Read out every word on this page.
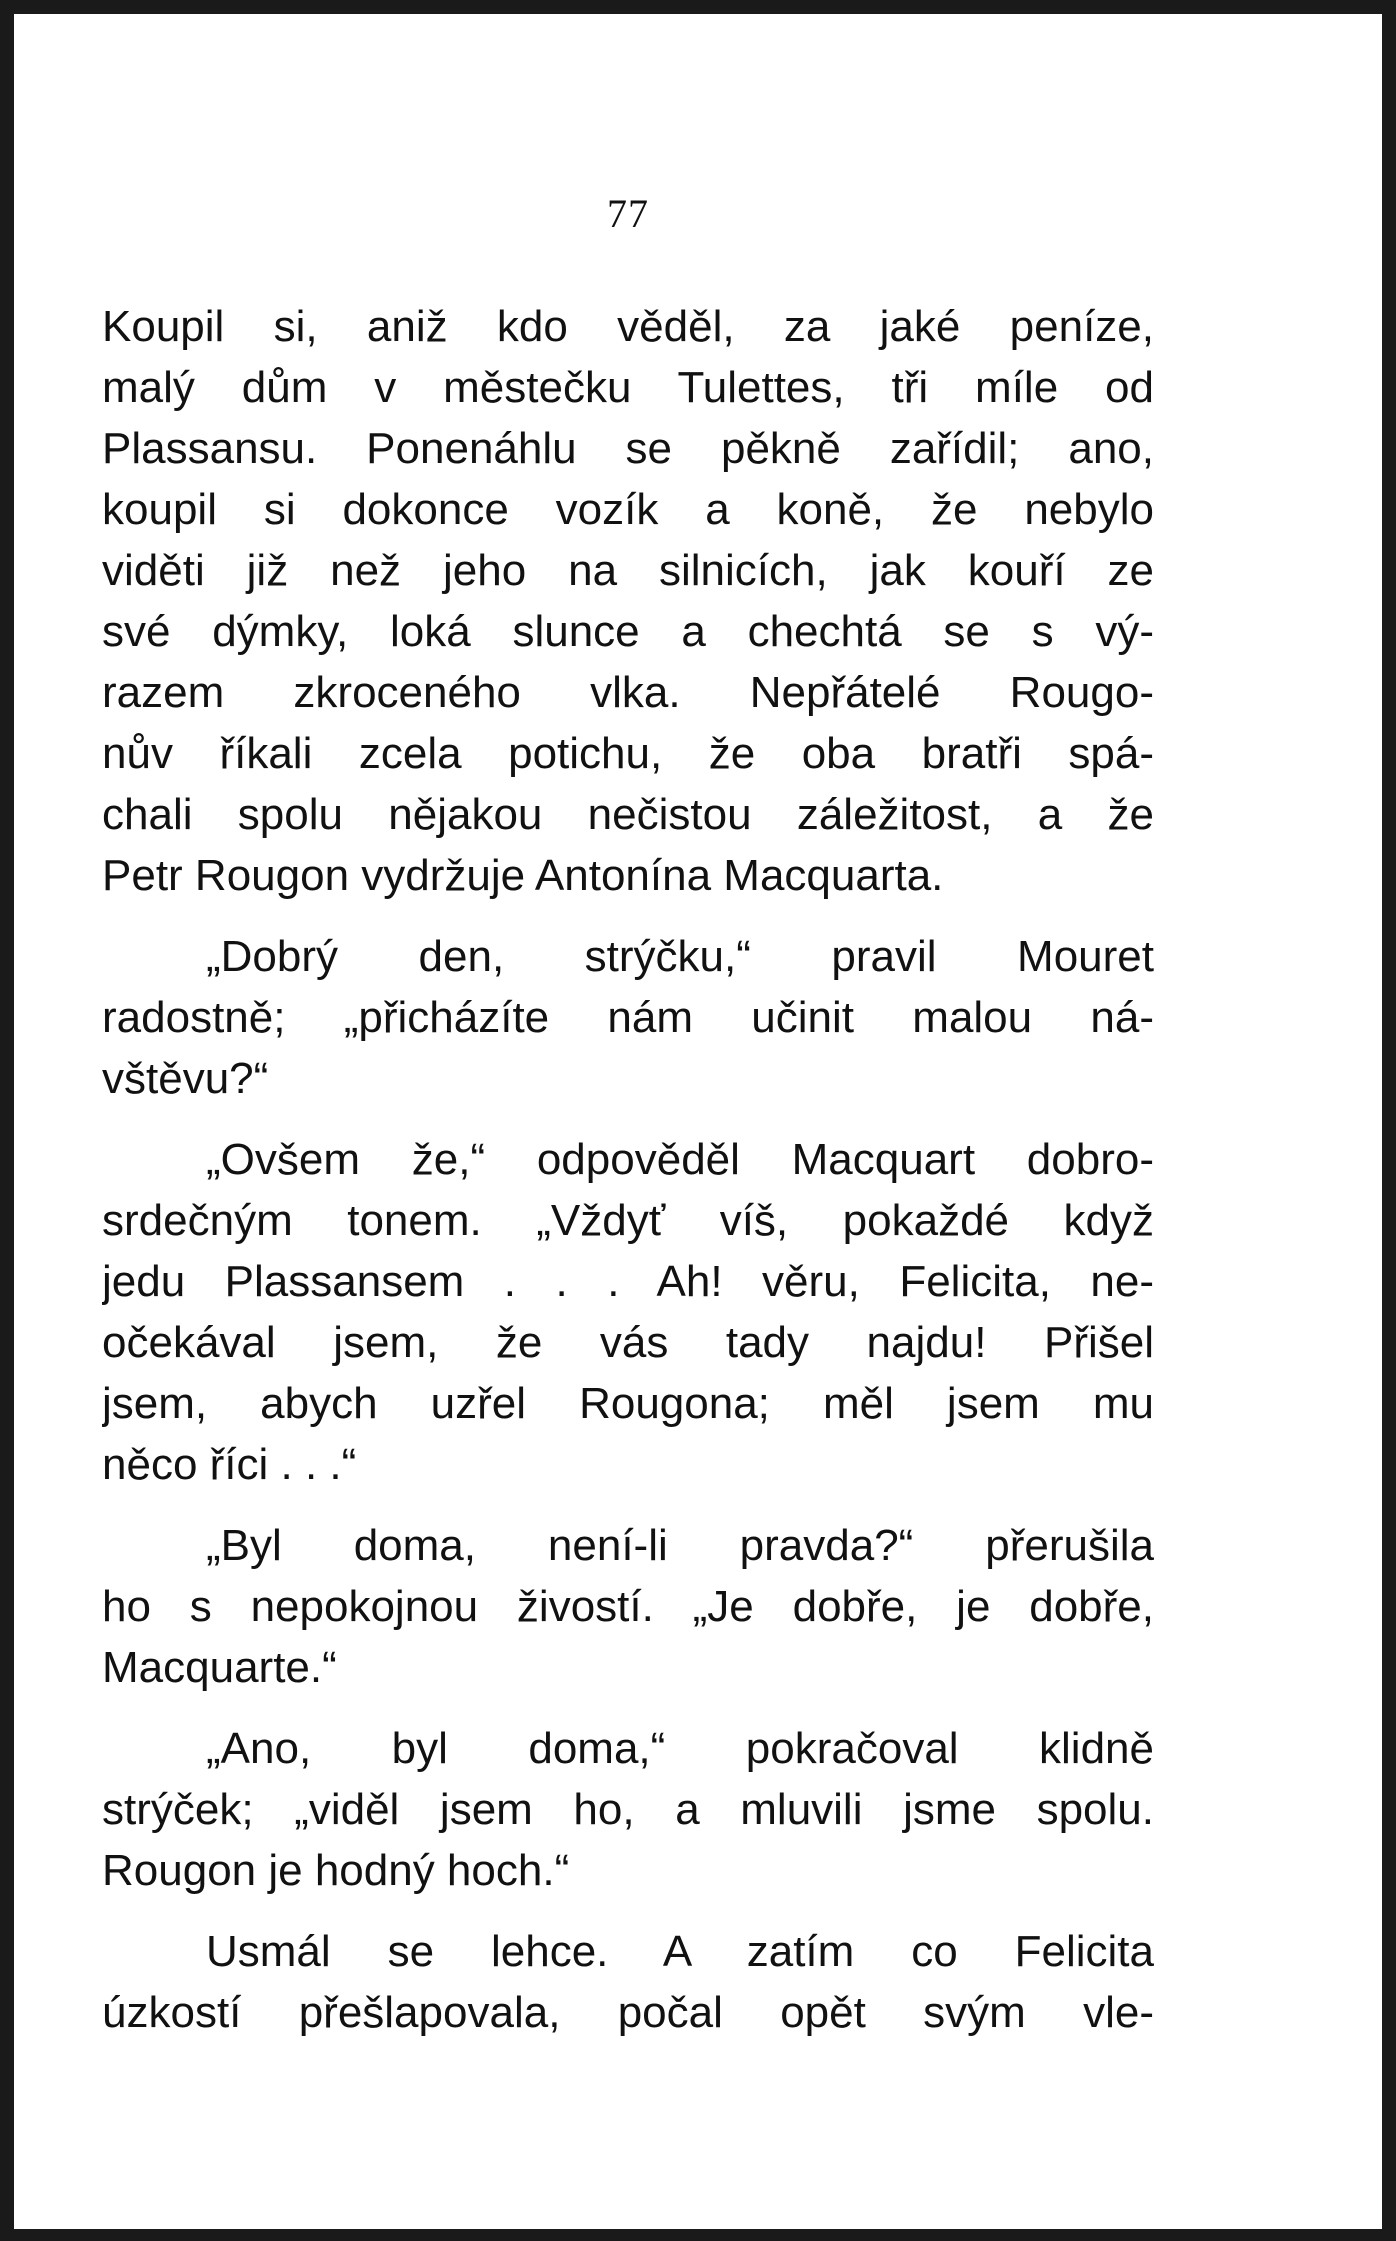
77
Koupil si, aniž kdo věděl, za jaké peníze,
malý dům v městečku Tulettes, tři míle od
Plassansu. Ponenáhlu se pěkně zařídil; ano,
koupil si dokonce vozík a koně, že nebylo
viděti již než jeho na silnicích, jak kouří ze
své dýmky, loká slunce a chechtá se s vý-
razem zkroceného vlka. Nepřátelé Rougo-
nův říkali zcela potichu, že oba bratři spá-
chali spolu nějakou nečistou záležitost, a že
Petr Rougon vydržuje Antonína Macquarta.
„Dobrý den, strýčku,“ pravil Mouret
radostně; „přicházíte nám učinit malou ná-
vštěvu?“
„Ovšem že,“ odpověděl Macquart dobro-
srdečným tonem. „Vždyť víš, pokaždé když
jedu Plassansem . . . Ah! věru, Felicita, ne-
očekával jsem, že vás tady najdu! Přišel
jsem, abych uzřel Rougona; měl jsem mu
něco říci . . .“
„Byl doma, není-li pravda?“ přerušila
ho s nepokojnou živostí. „Je dobře, je dobře,
Macquarte.“
„Ano, byl doma,“ pokračoval klidně
strýček; „viděl jsem ho, a mluvili jsme spolu.
Rougon je hodný hoch.“
Usmál se lehce. A zatím co Felicita
úzkostí přešlapovala, počal opět svým vle-
